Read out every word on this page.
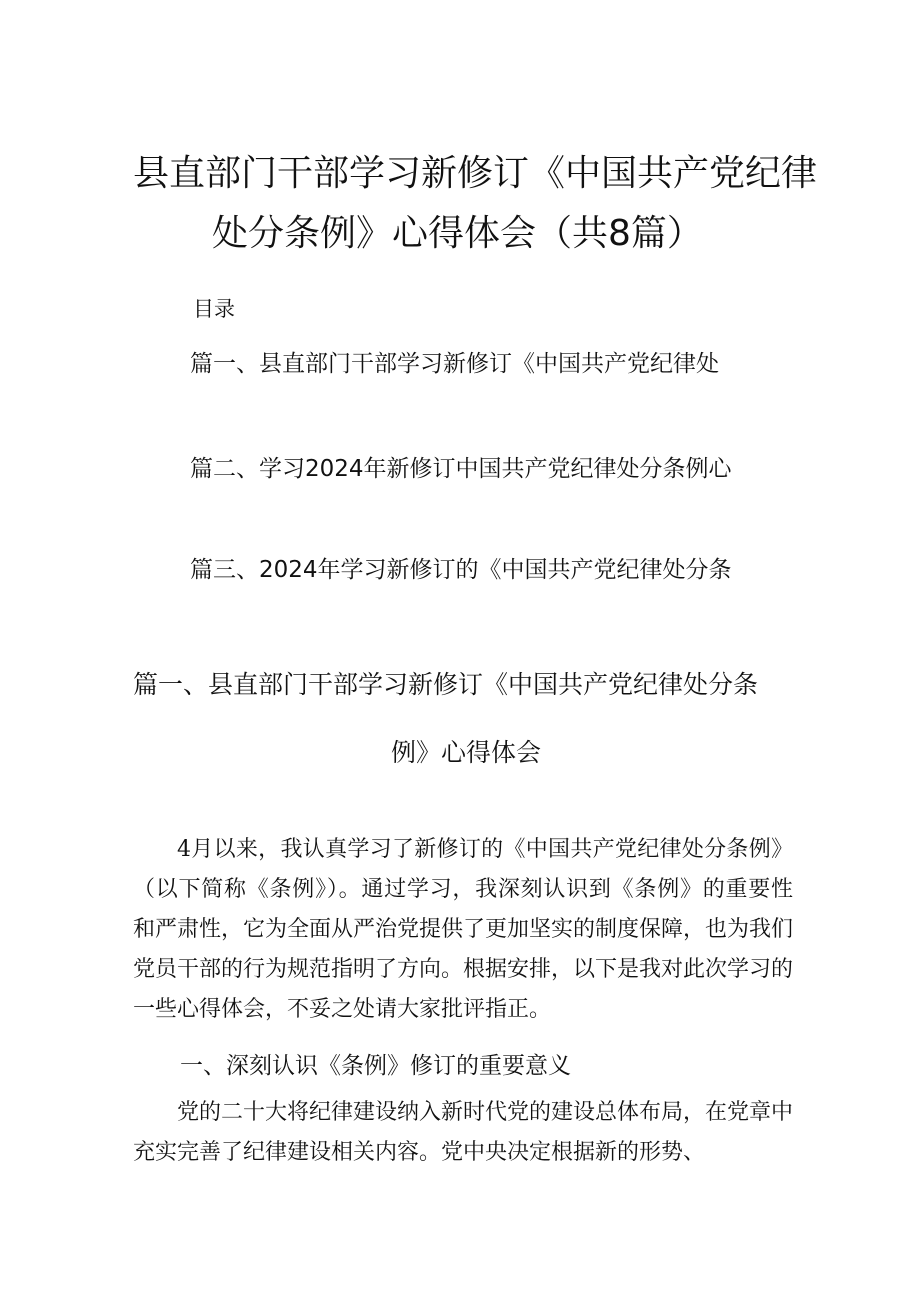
县直部门干部学习新修订《中国共产党纪律
处分条例》心得体会（共8篇）
目录
篇一、县直部门干部学习新修订《中国共产党纪律处
篇二、学习2024年新修订中国共产党纪律处分条例心
篇三、2024年学习新修订的《中国共产党纪律处分条
篇一、县直部门干部学习新修订《中国共产党纪律处分条
例》心得体会
4月以来，我认真学习了新修订的《中国共产党纪律处分条例》（以下简称《条例》）。通过学习，我深刻认识到《条例》的重要性和严肃性，它为全面从严治党提供了更加坚实的制度保障，也为我们党员干部的行为规范指明了方向。根据安排，以下是我对此次学习的一些心得体会，不妥之处请大家批评指正。
一、深刻认识《条例》修订的重要意义
党的二十大将纪律建设纳入新时代党的建设总体布局，在党章中充实完善了纪律建设相关内容。党中央决定根据新的形势、
